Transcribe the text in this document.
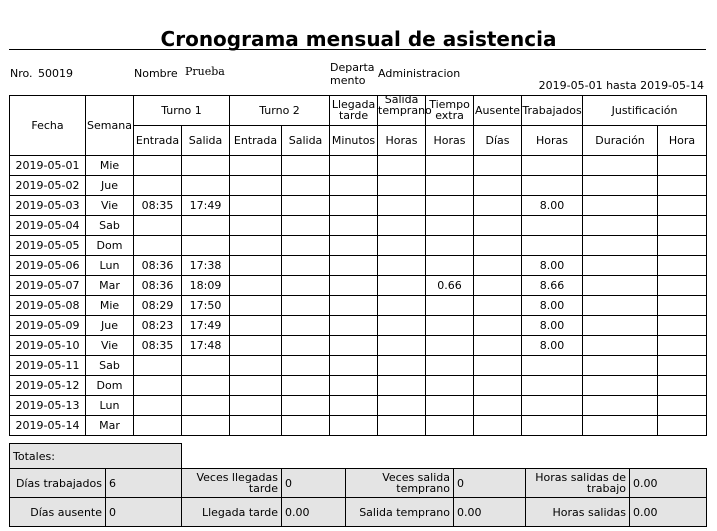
Cronograma mensual de asistencia
Nro. 50019	Nombre Prueba	Departa
mento
Administracion
2019-05-01 hasta 2019-05-14
Fecha	Semana	Turno 1		Turno 2		Llegada tarde	Salida temprano	Tiempo extra	Ausente	Trabajados	Justificación	
		Entrada	Salida	Entrada	Salida	Minutos	Horas	Horas	Días	Horas	Duración	Hora
2019-05-01	Mie											
2019-05-02	Jue											
2019-05-03	Vie	08:35	17:49							8.00		
2019-05-04	Sab											
2019-05-05	Dom											
2019-05-06	Lun	08:36	17:38							8.00		
2019-05-07	Mar	08:36	18:09					0.66		8.66		
2019-05-08	Mie	08:29	17:50							8.00		
2019-05-09	Jue	08:23	17:49							8.00		
2019-05-10	Vie	08:35	17:48							8.00		
2019-05-11	Sab											
2019-05-12	Dom											
2019-05-13	Lun											
2019-05-14	Mar											
Totales:							
Días trabajados	6	Veces llegadas tarde	0	Veces salida temprano	0	Horas salidas de trabajo	0.00
Días ausente	0	Llegada tarde	0.00	Salida temprano	0.00	Horas salidas	0.00
